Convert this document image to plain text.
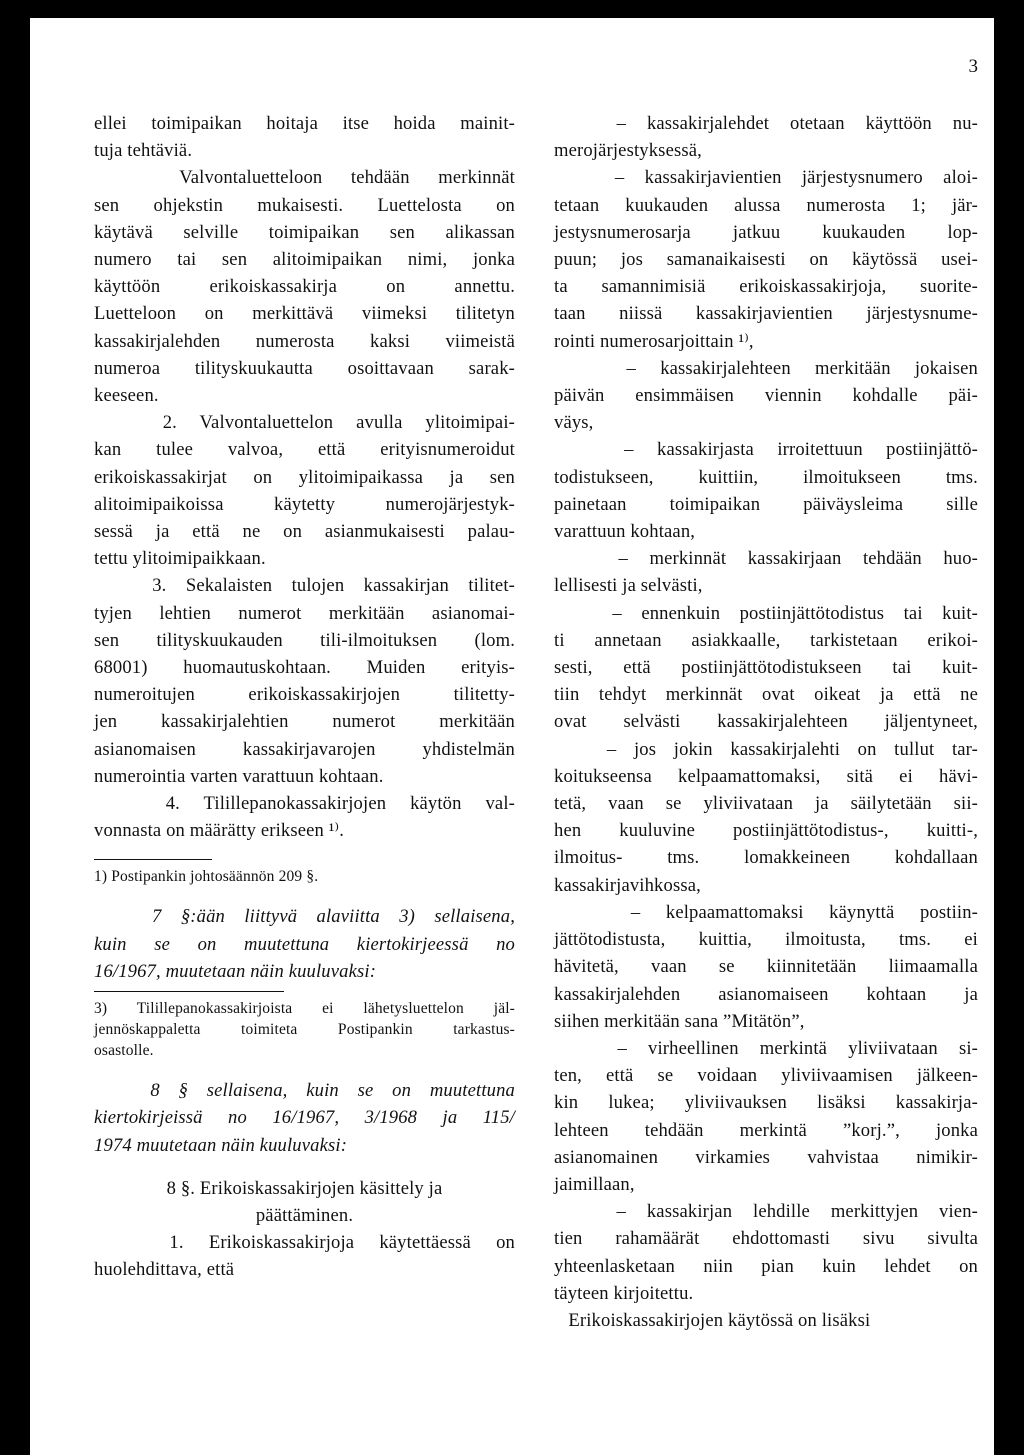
3

ellei toimipaikan hoitaja itse hoida mainit-
tuja tehtäviä.

Valvontaluetteloon tehdään merkinnät
sen ohjekstin mukaisesti. Luettelosta on
käytävä selville toimipaikan sen alikassan
numero tai sen alitoimipaikan nimi, jonka
käyttöön erikoiskassakirja on annettu.
Luetteloon on merkittävä viimeksi tilitetyn
kassakirjalehden numerosta kaksi viimeistä
numeroa tilityskuukautta osoittavaan sarak-
keeseen.

2. Valvontaluettelon avulla ylitoimipai-
kan tulee valvoa, että erityisnumeroidut
erikoiskassakirjat on ylitoimipaikassa ja sen
alitoimipaikoissa käytetty numerojärjestyk-
sessä ja että ne on asianmukaisesti palau-
tettu ylitoimipaikkaan.

3. Sekalaisten tulojen kassakirjan tilitet-
tyjen lehtien numerot merkitään asianomai-
sen tilityskuukauden tili-ilmoituksen (lom.
68001) huomautuskohtaan. Muiden erityis-
numeroitujen erikoiskassakirjojen tilitetty-
jen kassakirjalehtien numerot merkitään
asianomaisen kassakirjavarojen yhdistelmän
numerointia varten varattuun kohtaan.

4. Tilillepanokassakirjojen käytön val-
vonnasta on määrätty erikseen ¹⁾.

1) Postipankin johtosäännön 209 §.

7 §:ään liittyvä alaviitta 3) sellaisena,
kuin se on muutettuna kiertokirjeessä no
16/1967, muutetaan näin kuuluvaksi:

3) Tilillepanokassakirjoista ei lähetysluettelon jäl-
jennöskappaletta toimiteta Postipankin tarkastus-
osastolle.

8 § sellaisena, kuin se on muutettuna
kiertokirjeissä no 16/1967, 3/1968 ja 115/
1974 muutetaan näin kuuluvaksi:

8 §. Erikoiskassakirjojen käsittely ja
päättäminen.

1. Erikoiskassakirjoja käytettäessä on
huolehdittava, että

– kassakirjalehdet otetaan käyttöön nu-
merojärjestyksessä,
– kassakirjavientien järjestysnumero aloi-
tetaan kuukauden alussa numerosta 1; jär-
jestysnumerosarja jatkuu kuukauden lop-
puun; jos samanaikaisesti on käytössä usei-
ta samannimisiä erikoiskassakirjoja, suorite-
taan niissä kassakirjavientien järjestysnume-
rointi numerosarjoittain ¹⁾,
– kassakirjalehteen merkitään jokaisen
päivän ensimmäisen viennin kohdalle päi-
väys,
– kassakirjasta irroitettuun postiinjättö-
todistukseen, kuittiin, ilmoitukseen tms.
painetaan toimipaikan päiväysleima sille
varattuun kohtaan,
– merkinnät kassakirjaan tehdään huo-
lellisesti ja selvästi,
– ennenkuin postiinjättötodistus tai kuit-
ti annetaan asiakkaalle, tarkistetaan erikoi-
sesti, että postiinjättötodistukseen tai kuit-
tiin tehdyt merkinnät ovat oikeat ja että ne
ovat selvästi kassakirjalehteen jäljentyneet,
– jos jokin kassakirjalehti on tullut tar-
koitukseensa kelpaamattomaksi, sitä ei hävi-
tetä, vaan se yliviivataan ja säilytetään sii-
hen kuuluvine postiinjättötodistus-, kuitti-,
ilmoitus- tms. lomakkeineen kohdallaan
kassakirjavihkossa,
– kelpaamattomaksi käynyttä postiin-
jättötodistusta, kuittia, ilmoitusta, tms. ei
hävitetä, vaan se kiinnitetään liimaamalla
kassakirjalehden asianomaiseen kohtaan ja
siihen merkitään sana ”Mitätön”,
– virheellinen merkintä yliviivataan si-
ten, että se voidaan yliviivaamisen jälkeen-
kin lukea; yliviivauksen lisäksi kassakirja-
lehteen tehdään merkintä ”korj.”, jonka
asianomainen virkamies vahvistaa nimikir-
jaimillaan,
– kassakirjan lehdille merkittyjen vien-
tien rahamäärät ehdottomasti sivu sivulta
yhteenlasketaan niin pian kuin lehdet on
täyteen kirjoitettu.
Erikoiskassakirjojen käytössä on lisäksi
